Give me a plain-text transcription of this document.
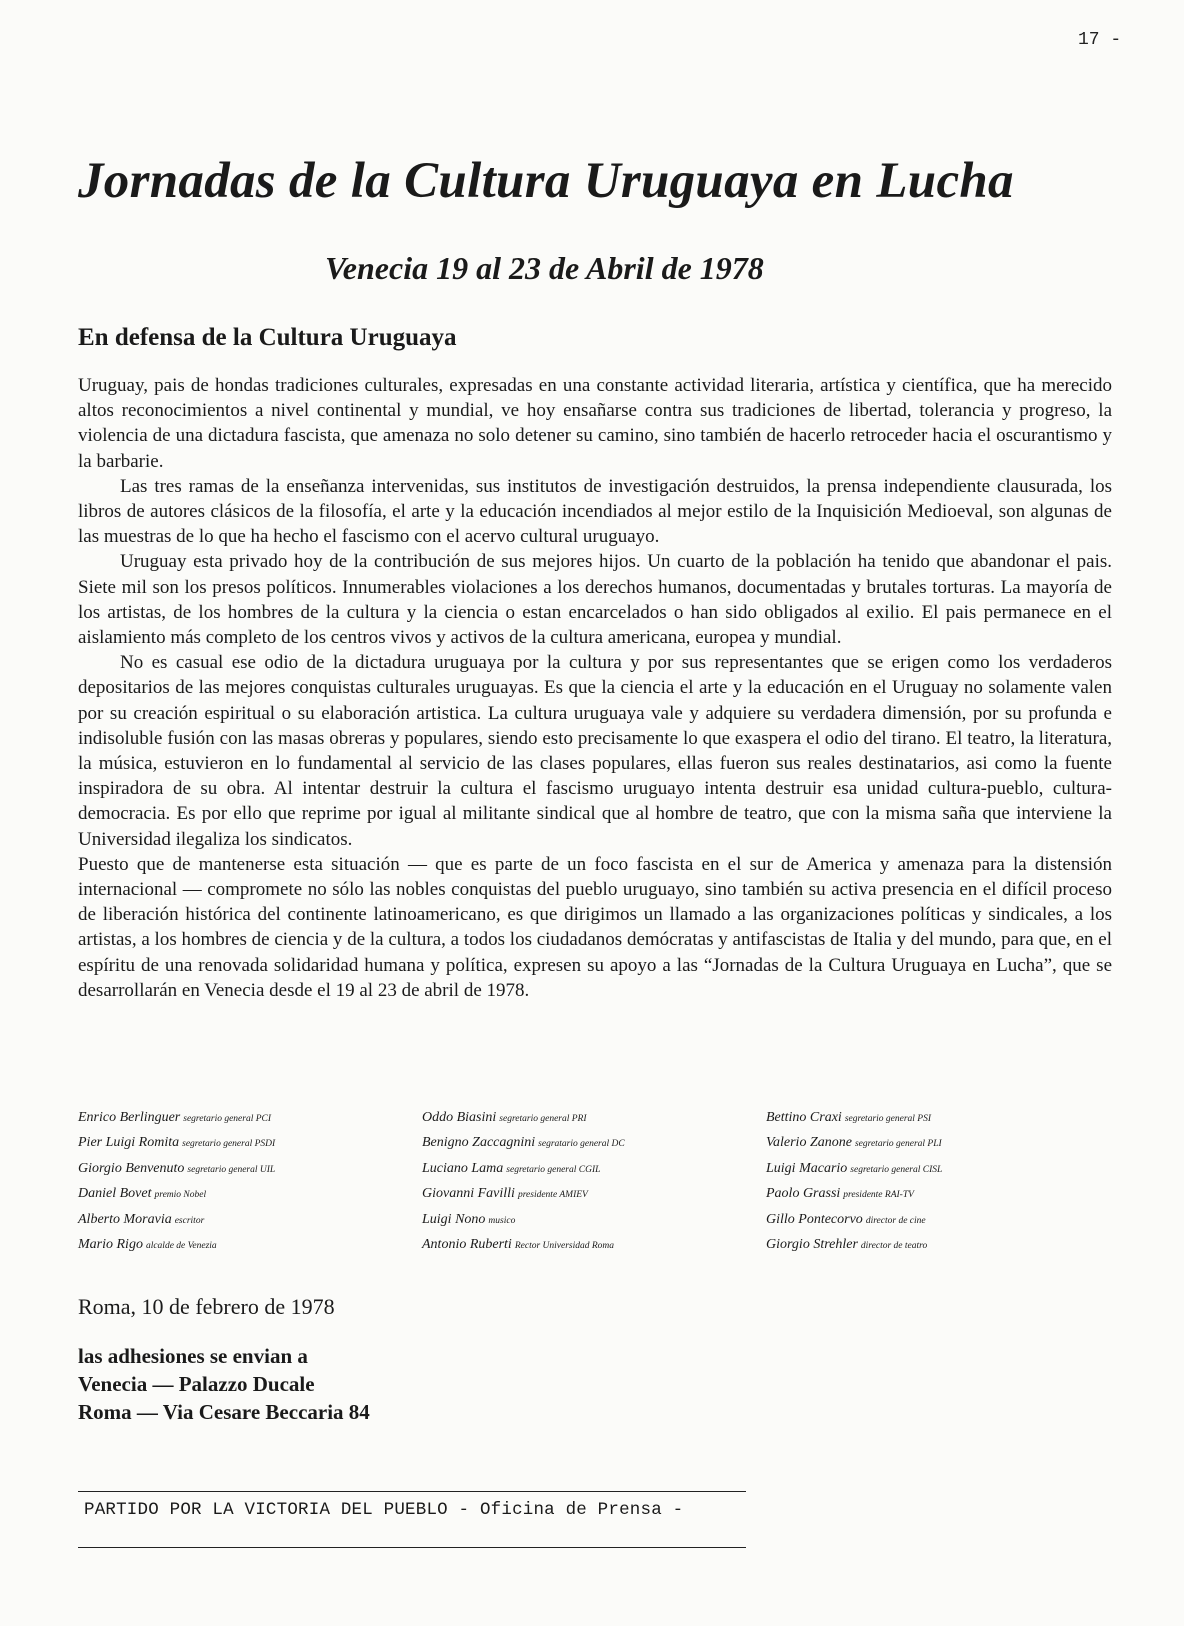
17 -
Jornadas de la Cultura Uruguaya en Lucha
Venecia 19 al 23 de Abril de 1978
En defensa de la Cultura Uruguaya

Uruguay, pais de hondas tradiciones culturales, expresadas en una constante actividad literaria, artística y científica, que ha merecido altos reconocimientos a nivel continental y mundial, ve hoy ensañarse contra sus tradiciones de libertad, tolerancia y progreso, la violencia de una dictadura fascista, que amenaza no solo detener su camino, sino también de hacerlo retroceder hacia el oscurantismo y la barbarie.

Las tres ramas de la enseñanza intervenidas, sus institutos de investigación destruidos, la prensa independiente clausurada, los libros de autores clásicos de la filosofía, el arte y la educación incendiados al mejor estilo de la Inquisición Medioeval, son algunas de las muestras de lo que ha hecho el fascismo con el acervo cultural uruguayo.

Uruguay esta privado hoy de la contribución de sus mejores hijos. Un cuarto de la población ha tenido que abandonar el pais. Siete mil son los presos políticos. Innumerables violaciones a los derechos humanos, documentadas y brutales torturas. La mayoría de los artistas, de los hombres de la cultura y la ciencia o estan encarcelados o han sido obligados al exilio. El pais permanece en el aislamiento más completo de los centros vivos y activos de la cultura americana, europea y mundial.

No es casual ese odio de la dictadura uruguaya por la cultura y por sus representantes que se erigen como los verdaderos depositarios de las mejores conquistas culturales uruguayas. Es que la ciencia el arte y la educación en el Uruguay no solamente valen por su creación espiritual o su elaboración artistica. La cultura uruguaya vale y adquiere su verdadera dimensión, por su profunda e indisoluble fusión con las masas obreras y populares, siendo esto precisamente lo que exaspera el odio del tirano. El teatro, la literatura, la música, estuvieron en lo fundamental al servicio de las clases populares, ellas fueron sus reales destinatarios, asi como la fuente inspiradora de su obra. Al intentar destruir la cultura el fascismo uruguayo intenta destruir esa unidad cultura-pueblo, cultura-democracia. Es por ello que reprime por igual al militante sindical que al hombre de teatro, que con la misma saña que interviene la Universidad ilegaliza los sindicatos.

Puesto que de mantenerse esta situación — que es parte de un foco fascista en el sur de America y amenaza para la distensión internacional — compromete no sólo las nobles conquistas del pueblo uruguayo, sino también su activa presencia en el difícil proceso de liberación histórica del continente latinoamericano, es que dirigimos un llamado a las organizaciones políticas y sindicales, a los artistas, a los hombres de ciencia y de la cultura, a todos los ciudadanos demócratas y antifascistas de Italia y del mundo, para que, en el espíritu de una renovada solidaridad humana y política, expresen su apoyo a las “Jornadas de la Cultura Uruguaya en Lucha”, que se desarrollarán en Venecia desde el 19 al 23 de abril de 1978.

Enrico Berlinguer segretario general PCI
Pier Luigi Romita segretario general PSDI
Giorgio Benvenuto segretario general UIL
Daniel Bovet premio Nobel
Alberto Moravia escritor
Mario Rigo alcalde de Venezia
Oddo Biasini segretario general PRI
Benigno Zaccagnini segratario general DC
Luciano Lama segretario general CGIL
Giovanni Favilli presidente AMIEV
Luigi Nono musico
Antonio Ruberti Rector Universidad Roma
Bettino Craxi segretario general PSI
Valerio Zanone segretario general PLI
Luigi Macario segretario general CISL
Paolo Grassi presidente RAI-TV
Gillo Pontecorvo director de cine
Giorgio Strehler director de teatro
Roma, 10 de febrero de 1978
las adhesiones se envian a
Venecia — Palazzo Ducale
Roma — Via Cesare Beccaria 84
PARTIDO POR LA VICTORIA DEL PUEBLO - Oficina de Prensa -
